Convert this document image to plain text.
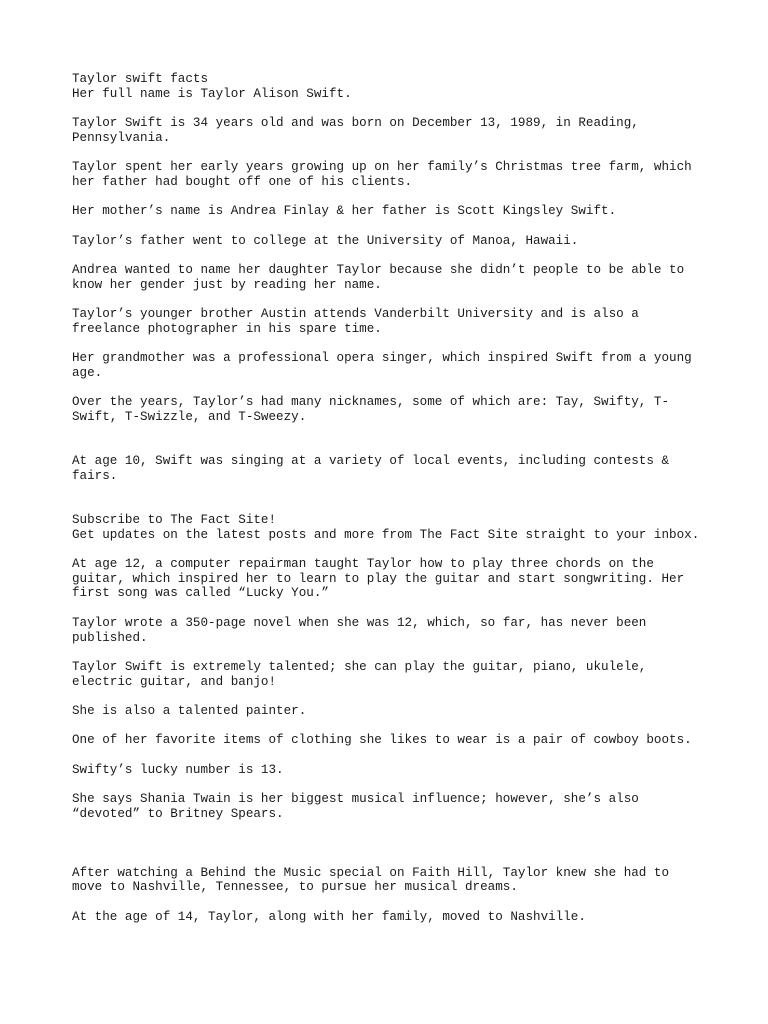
Taylor swift facts

Her full name is Taylor Alison Swift.

Taylor Swift is 34 years old and was born on December 13, 1989, in Reading,
Pennsylvania.

Taylor spent her early years growing up on her family’s Christmas tree farm, which
her father had bought off one of his clients.

Her mother’s name is Andrea Finlay & her father is Scott Kingsley Swift.

Taylor’s father went to college at the University of Manoa, Hawaii.

Andrea wanted to name her daughter Taylor because she didn’t people to be able to
know her gender just by reading her name.

Taylor’s younger brother Austin attends Vanderbilt University and is also a
freelance photographer in his spare time.

Her grandmother was a professional opera singer, which inspired Swift from a young
age.

Over the years, Taylor’s had many nicknames, some of which are: Tay, Swifty, T-
Swift, T-Swizzle, and T-Sweezy.

At age 10, Swift was singing at a variety of local events, including contests &
fairs.

Subscribe to The Fact Site!

Get updates on the latest posts and more from The Fact Site straight to your inbox.

At age 12, a computer repairman taught Taylor how to play three chords on the
guitar, which inspired her to learn to play the guitar and start songwriting. Her
first song was called “Lucky You.”

Taylor wrote a 350-page novel when she was 12, which, so far, has never been
published.

Taylor Swift is extremely talented; she can play the guitar, piano, ukulele,
electric guitar, and banjo!

She is also a talented painter.

One of her favorite items of clothing she likes to wear is a pair of cowboy boots.

Swifty’s lucky number is 13.

She says Shania Twain is her biggest musical influence; however, she’s also
“devoted” to Britney Spears.

After watching a Behind the Music special on Faith Hill, Taylor knew she had to
move to Nashville, Tennessee, to pursue her musical dreams.

At the age of 14, Taylor, along with her family, moved to Nashville.
